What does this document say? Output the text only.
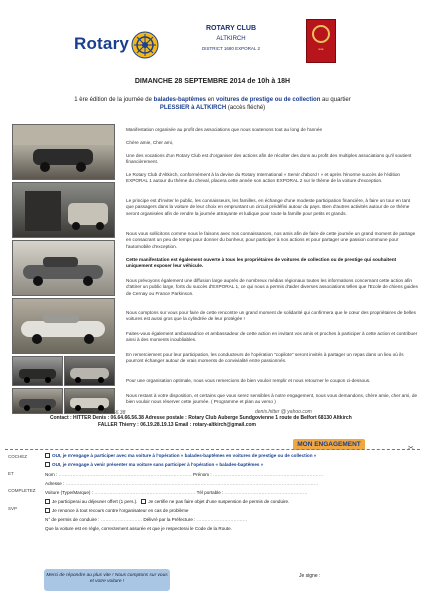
Rotary
ROTARY CLUB
ALTKIRCH
DISTRICT 1680 EXPORAL 2	●●●
DIMANCHE 28 SEPTEMBRE 2014 de 10h à 18H
1 ère édition de la journée de balades-baptêmes en voitures de prestige ou de collection au quartier PLESSIER à ALTKIRCH (accès fléché)
Manifestation organisée au profit des associations que nous soutenons tout au long de l'année
Chère amie, Cher ami,
Une des vocations d'un Rotary Club est d'organiser des actions afin de récolter des dons au profit des multiples associations qu'il soutient financièrement.
Le Rotary Club d'Altkirch, conformément à la devise du Rotary International « Servir d'abord ! » et après l'énorme succès de l'édition EXPORAL 1 autour du thème du cheval, placera cette année son action EXPORAL 2 sur le thème de la voiture d'exception.
Le principe est d'inviter le public, les connaisseurs, les familles, en échange d'une modeste participation financière, à faire un tour en tant que passagers dans la voiture de leur choix en empruntant un circuit prédéfini autour du pays. Bien d'autres activités autour de ce thème seront organisées afin de rendre la journée attrayante et ludique pour toute la famille pour petits et grands.
Nous vous sollicitons comme nous le faisons avec nos connaissances, nos amis afin de faire de cette journée un grand moment de partage en consacrant un peu de temps pour donner du bonheur, pour participer à nos actions et pour partager une passion commune pour l'automobile d'exception.
Cette manifestation est également ouverte à tous les propriétaires de voitures de collection ou de prestige qui souhaitent uniquement exposer leur véhicule.
Nous prévoyons également une diffusion large auprès de nombreux médias régionaux toutes les informations concernant cette action afin d'attirer un public large, forts du succès d'EXPORAL 1, ce qui nous a permis d'aider diverses associations telles que l'Ecole de chiens guides de Cernay ou France Parkinson.
Nous comptons sur vous pour faire de cette rencontre un grand moment de solidarité qui confirmera que le cœur des propriétaires de belles voitures est aussi gros que la cylindrée de leur protégée !
Faites-vous également ambassadrice et ambassadeur de cette action en invitant vos amis et proches à participer à cette action et contribuer ainsi à des moments inoubliables.
En remerciement pour leur participation, les conducteurs de l'opération "copilote" seront invités à partager un repas dans un lieu où ils pourront échanger autour de vrais moments de convivialité entre passionnés.
Pour une organisation optimale, nous vous remercions de bien vouloir remplir et nous retourner le coupon ci-dessous.
Nous restant à votre disposition, et certains que vous serez sensibles à notre engagement, nous vous demandons, chère amie, cher ami, de bien vouloir nous réserver cette journée. ( Programme et plan au verso )
06.64.66.56.38	denis.hitter @ yahoo.com
Contact : HITTER Denis : 06.64.66.56.38 Adresse postale : Rotary Club Auberge Sundgovienne 1 route de Belfort 68130 Altkirch
FALLER Thierry : 06.19.28.19.13 Email : rotary-altkirch@gmail.com
MON ENGAGEMENT
✂
COCHEZ
ET
COMPLETEZ
SVP
OUI, je m'engage à participer avec ma voiture à l'opération « balades-baptêmes en voitures de prestige ou de collection »
OUI, je m'engage à venir présenter ma voiture sans participer à l'opération « balades-baptêmes »
Nom : …………………………………………………………………………… Prénom : ………………………………………………………………
Adresse : …………………………………………………………………………………………………………………………………………………
Voiture (Type/Marque) : ………………………………………………………… Tél portable : ………………………………………………
Je participerai au déjeuner offert (1 pers.). Je certifie ne pas faire objet d'une suspension de permis de conduire.
Je renonce à tout recours contre l'organisateur en cas de problème
N° de permis de conduire : ……………………… Délivré par la Préfecture : ……………………………
Que la voiture est en règle, correctement assurée et que je respecterai le Code de la Route.
Merci de répondre au plus vite ! Nous comptons sur vous et votre voiture !
Je signe :
